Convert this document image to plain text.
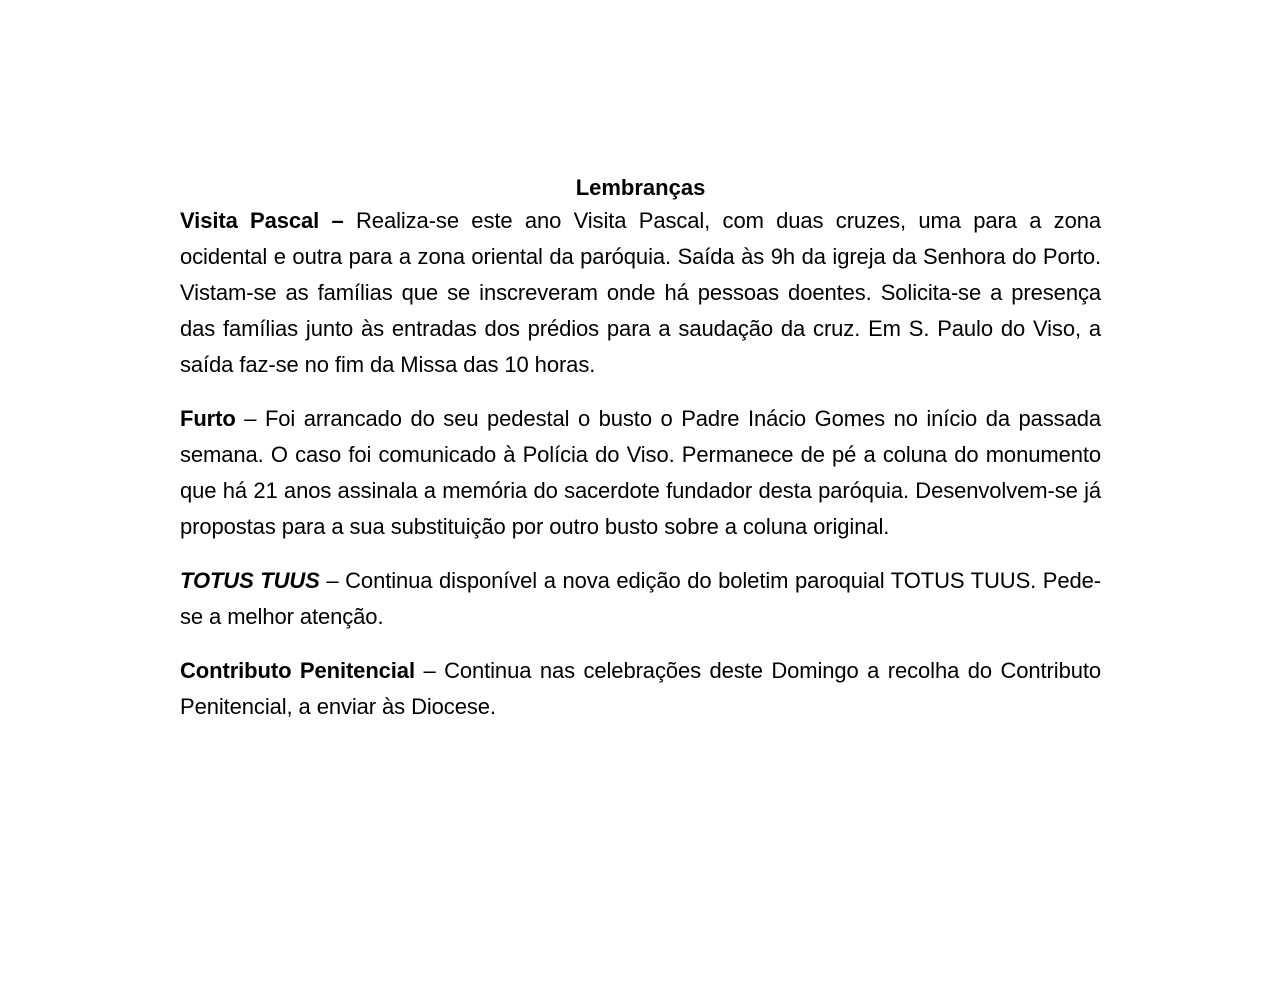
Lembranças

Visita Pascal – Realiza-se este ano Visita Pascal, com duas cruzes, uma para a zona ocidental e outra para a zona oriental da paróquia. Saída às 9h da igreja da Senhora do Porto. Vistam-se as famílias que se inscreveram onde há pessoas doentes. Solicita-se a presença das famílias junto às entradas dos prédios para a saudação da cruz. Em S. Paulo do Viso, a saída faz-se no fim da Missa das 10 horas.

Furto – Foi arrancado do seu pedestal o busto o Padre Inácio Gomes no início da passada semana. O caso foi comunicado à Polícia do Viso. Permanece de pé a coluna do monumento que há 21 anos assinala a memória do sacerdote fundador desta paróquia. Desenvolvem-se já propostas para a sua substituição por outro busto sobre a coluna original.

TOTUS TUUS – Continua disponível a nova edição do boletim paroquial TOTUS TUUS. Pede-se a melhor atenção.

Contributo Penitencial – Continua nas celebrações deste Domingo a recolha do Contributo Penitencial, a enviar às Diocese.
